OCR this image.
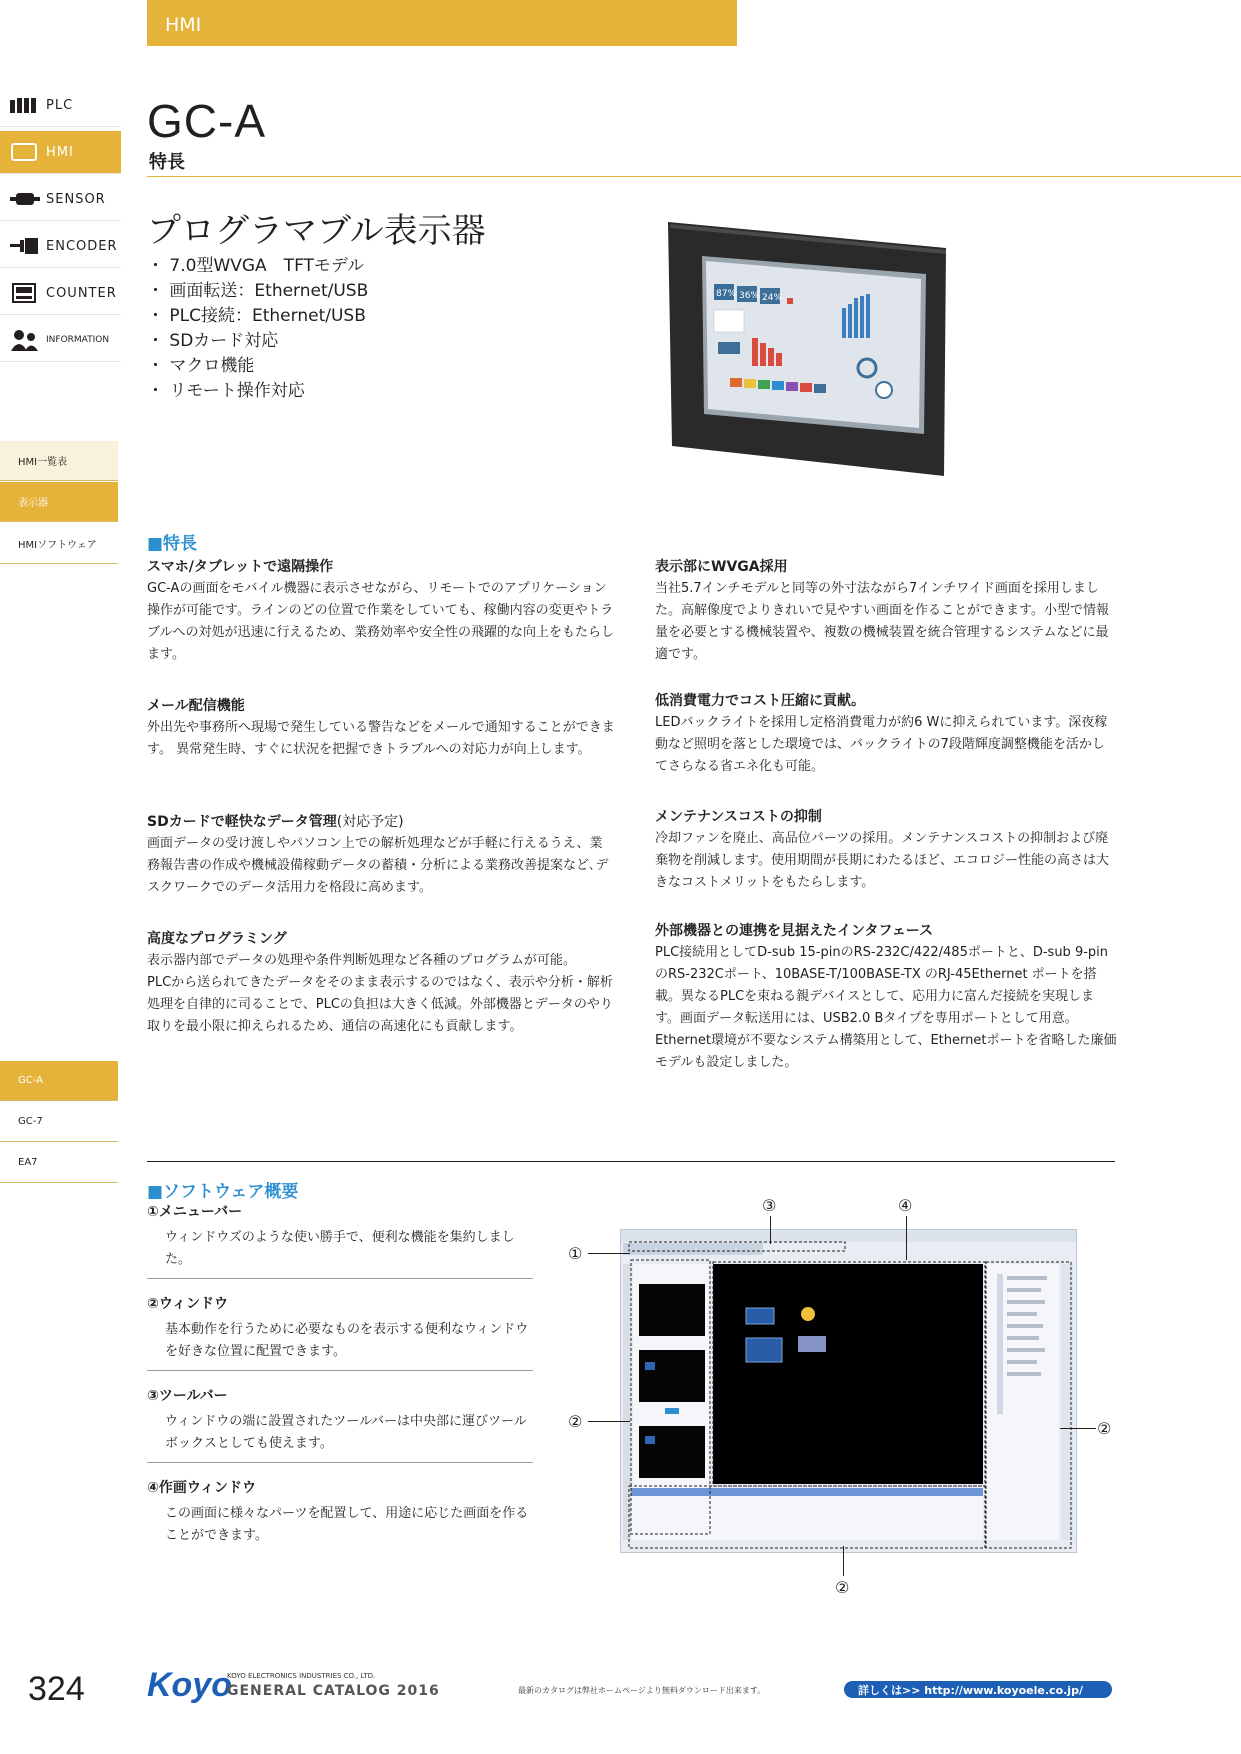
HMI
PLC
HMI
SENSOR
ENCODER
COUNTER
INFORMATION
HMI一覧表
表示器
HMIソフトウェア
GC-A
GC-7
EA7
GC-A
特長
プログラマブル表示器
・ 7.0型WVGA　TFTモデル
・ 画面転送：Ethernet/USB
・ PLC接続：Ethernet/USB
・ SDカード対応
・ マクロ機能
・ リモート操作対応
87% 36% 24%
■特長
スマホ/タブレットで遠隔操作

GC-Aの画面をモバイル機器に表示させながら、リモートでのアプリケーション操作が可能です。ラインのどの位置で作業をしていても、稼働内容の変更やトラブルへの対処が迅速に行えるため、業務効率や安全性の飛躍的な向上をもたらします。

メール配信機能

外出先や事務所へ現場で発生している警告などをメールで通知することができます。 異常発生時、すぐに状況を把握できトラブルへの対応力が向上します。

SDカードで軽快なデータ管理(対応予定)

画面データの受け渡しやパソコン上での解析処理などが手軽に行えるうえ、業務報告書の作成や機械設備稼動データの蓄積・分析による業務改善提案など､デスクワークでのデータ活用力を格段に高めます。

高度なプログラミング

表示器内部でデータの処理や条件判断処理など各種のプログラムが可能。
PLCから送られてきたデータをそのまま表示するのではなく、表示や分析・解析処理を自律的に司ることで、PLCの負担は大きく低減。外部機器とデータのやり取りを最小限に抑えられるため、通信の高速化にも貢献します。

表示部にWVGA採用

当社5.7インチモデルと同等の外寸法ながら7インチワイド画面を採用しました。高解像度でよりきれいで見やすい画面を作ることができます。小型で情報量を必要とする機械装置や、複数の機械装置を統合管理するシステムなどに最適です。

低消費電力でコスト圧縮に貢献。

LEDバックライトを採用し定格消費電力が約6 Wに抑えられています。深夜稼動など照明を落とした環境では、バックライトの7段階輝度調整機能を活かしてさらなる省エネ化も可能。

メンテナンスコストの抑制

冷却ファンを廃止、高品位パーツの採用。メンテナンスコストの抑制および廃棄物を削減します。使用期間が長期にわたるほど、エコロジー性能の高さは大きなコストメリットをもたらします。

外部機器との連携を見据えたインタフェース

PLC接続用としてD-sub 15-pinのRS-232C/422/485ポートと、D-sub 9-pinのRS-232Cポート、10BASE-T/100BASE-TX のRJ-45Ethernet ポートを搭載。異なるPLCを束ねる親デバイスとして、応用力に富んだ接続を実現します。画面データ転送用には、USB2.0 Bタイプを専用ポートとして用意。
Ethernet環境が不要なシステム構築用として、Ethernetポートを省略した廉価モデルも設定しました。

■ソフトウェア概要
①メニューバー
ウィンドウズのような使い勝手で、便利な機能を集約しました。
②ウィンドウ
基本動作を行うために必要なものを表示する便利なウィンドウを好きな位置に配置できます。
③ツールバー
ウィンドウの端に設置されたツールバーは中央部に運びツールボックスとしても使えます。
④作画ウィンドウ
この画面に様々なパーツを配置して、用途に応じた画面を作ることができます。
③	④
①
②	②
②
324 Koyo
KOYO ELECTRONICS INDUSTRIES CO., LTD.
GENERAL CATALOG 2016	最新のカタログは弊社ホームページより無料ダウンロード出来ます。	詳しくは>> http://www.koyoele.co.jp/
